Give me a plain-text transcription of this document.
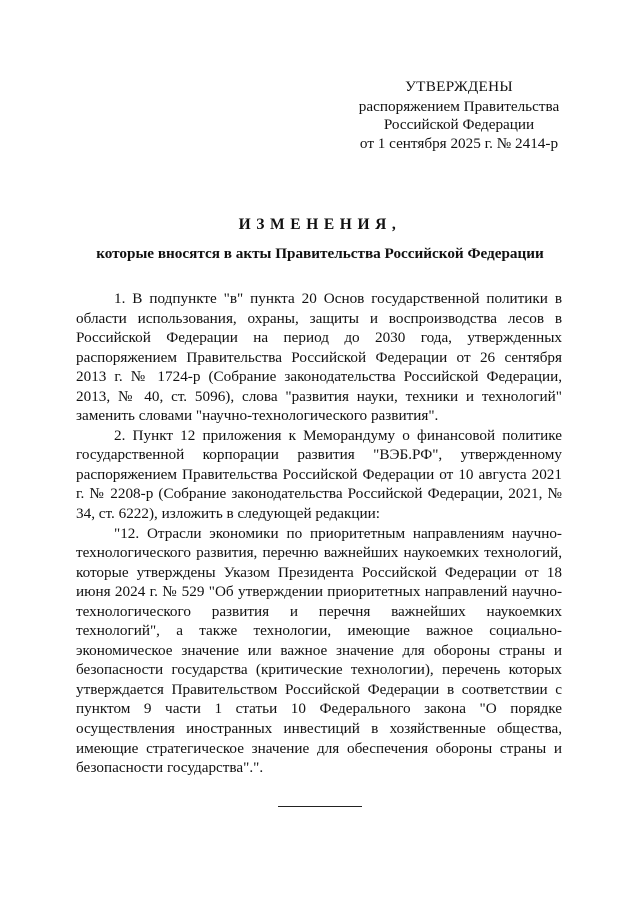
УТВЕРЖДЕНЫ
распоряжением Правительства
Российской Федерации
от 1 сентября 2025 г. № 2414-р
ИЗМЕНЕНИЯ,
которые вносятся в акты Правительства Российской Федерации

1. В подпункте "в" пункта 20 Основ государственной политики в области использования, охраны, защиты и воспроизводства лесов в Российской Федерации на период до 2030 года, утвержденных распоряжением Правительства Российской Федерации от 26 сентября 2013 г. № 1724-р (Собрание законодательства Российской Федерации, 2013, № 40, ст. 5096), слова "развития науки, техники и технологий" заменить словами "научно-технологического развития".

2. Пункт 12 приложения к Меморандуму о финансовой политике государственной корпорации развития "ВЭБ.РФ", утвержденному распоряжением Правительства Российской Федерации от 10 августа 2021 г. № 2208-р (Собрание законодательства Российской Федерации, 2021, № 34, ст. 6222), изложить в следующей редакции:

"12. Отрасли экономики по приоритетным направлениям научно-технологического развития, перечню важнейших наукоемких технологий, которые утверждены Указом Президента Российской Федерации от 18 июня 2024 г. № 529 "Об утверждении приоритетных направлений научно-технологического развития и перечня важнейших наукоемких технологий", а также технологии, имеющие важное социально-экономическое значение или важное значение для обороны страны и безопасности государства (критические технологии), перечень которых утверждается Правительством Российской Федерации в соответствии с пунктом 9 части 1 статьи 10 Федерального закона "О порядке осуществления иностранных инвестиций в хозяйственные общества, имеющие стратегическое значение для обеспечения обороны страны и безопасности государства".".
